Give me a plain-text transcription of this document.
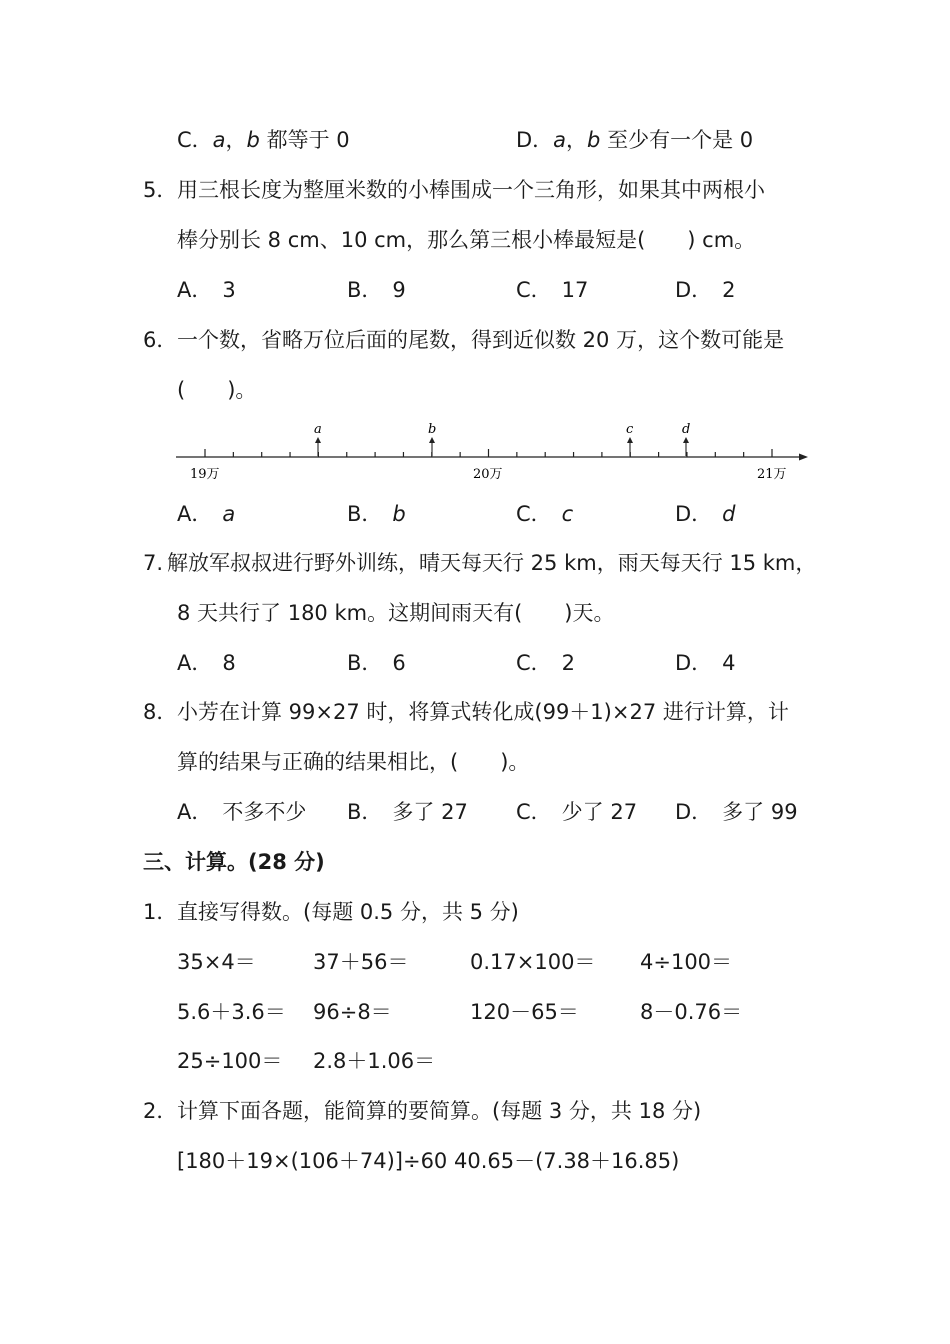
C．a，b 都等于 0	D．a，b 至少有一个是 0
5． 用三根长度为整厘米数的小棒围成一个三角形，如果其中两根小
棒分别长 8 cm、10 cm，那么第三根小棒最短是(　　) cm。
A． 3	B． 9	C． 17	D． 2
6． 一个数，省略万位后面的尾数，得到近似数 20 万，这个数可能是
(　　)。
a	b	c	d
19万	20万	21万
A． a	B． b	C． c	D． d
7. 解放军叔叔进行野外训练，晴天每天行 25 km，雨天每天行 15 km，
8 天共行了 180 km。这期间雨天有(　　)天。
A． 8	B． 6	C． 2	D． 4
8． 小芳在计算 99×27 时，将算式转化成(99＋1)×27 进行计算，计
算的结果与正确的结果相比，(　　)。
A． 不多不少 B． 多了 27 C． 少了 27 D． 多了 99
三、计算。(28 分)
1． 直接写得数。(每题 0.5 分，共 5 分)
35×4＝	37＋56＝	0.17×100＝ 4÷100＝
5.6＋3.6＝ 96÷8＝	120－65＝	8－0.76＝
25÷100＝ 2.8＋1.06＝
2． 计算下面各题，能简算的要简算。(每题 3 分，共 18 分)
[180＋19×(106＋74)]÷60 40.65－(7.38＋16.85)
